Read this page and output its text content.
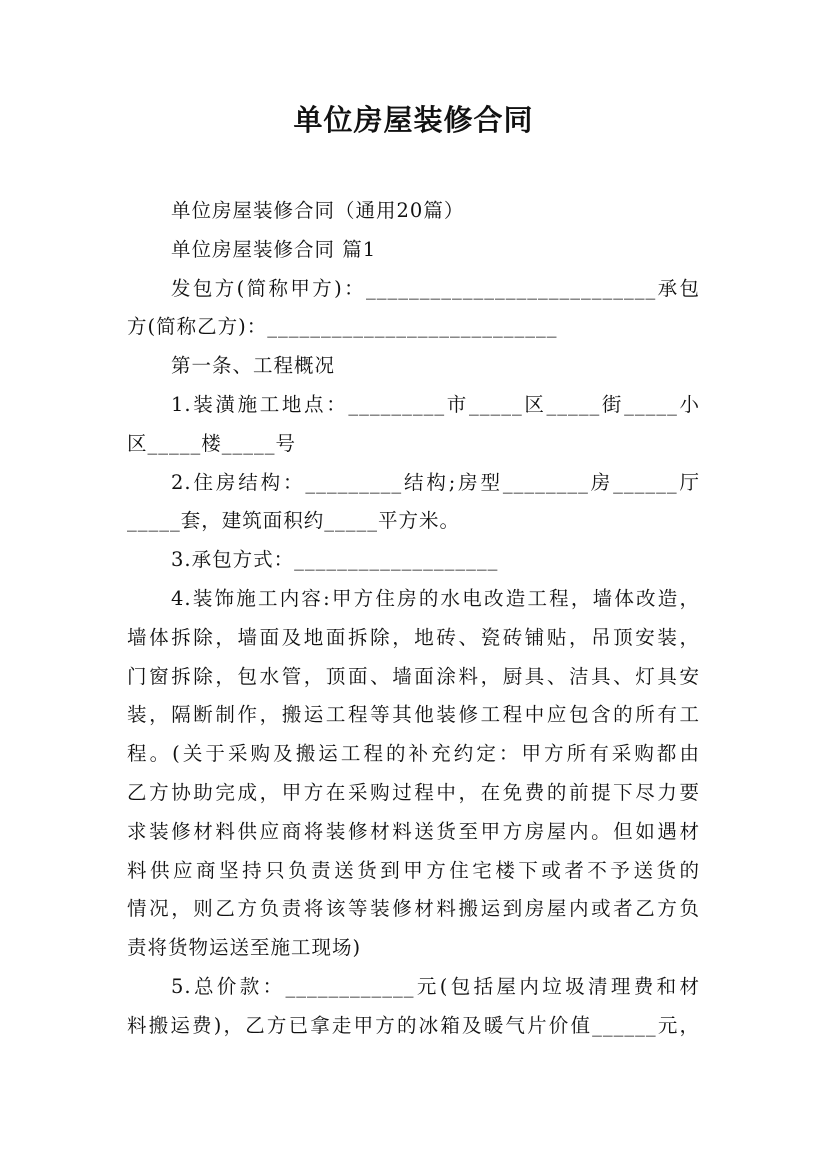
单位房屋装修合同
单位房屋装修合同（通用20篇）
单位房屋装修合同 篇1
发包方(简称甲方)：___________________________承包
方(简称乙方)：___________________________
第一条、工程概况
1.装潢施工地点：_________市_____区_____街_____小
区_____楼_____号
2.住房结构：_________结构;房型________房______厅
_____套，建筑面积约_____平方米。
3.承包方式：___________________
4.装饰施工内容:甲方住房的水电改造工程，墙体改造，
墙体拆除，墙面及地面拆除，地砖、瓷砖铺贴，吊顶安装，
门窗拆除，包水管，顶面、墙面涂料，厨具、洁具、灯具安
装，隔断制作，搬运工程等其他装修工程中应包含的所有工
程。(关于采购及搬运工程的补充约定：甲方所有采购都由
乙方协助完成，甲方在采购过程中，在免费的前提下尽力要
求装修材料供应商将装修材料送货至甲方房屋内。但如遇材
料供应商坚持只负责送货到甲方住宅楼下或者不予送货的
情况，则乙方负责将该等装修材料搬运到房屋内或者乙方负
责将货物运送至施工现场)
5.总价款：____________元(包括屋内垃圾清理费和材
料搬运费)，乙方已拿走甲方的冰箱及暖气片价值______元，
